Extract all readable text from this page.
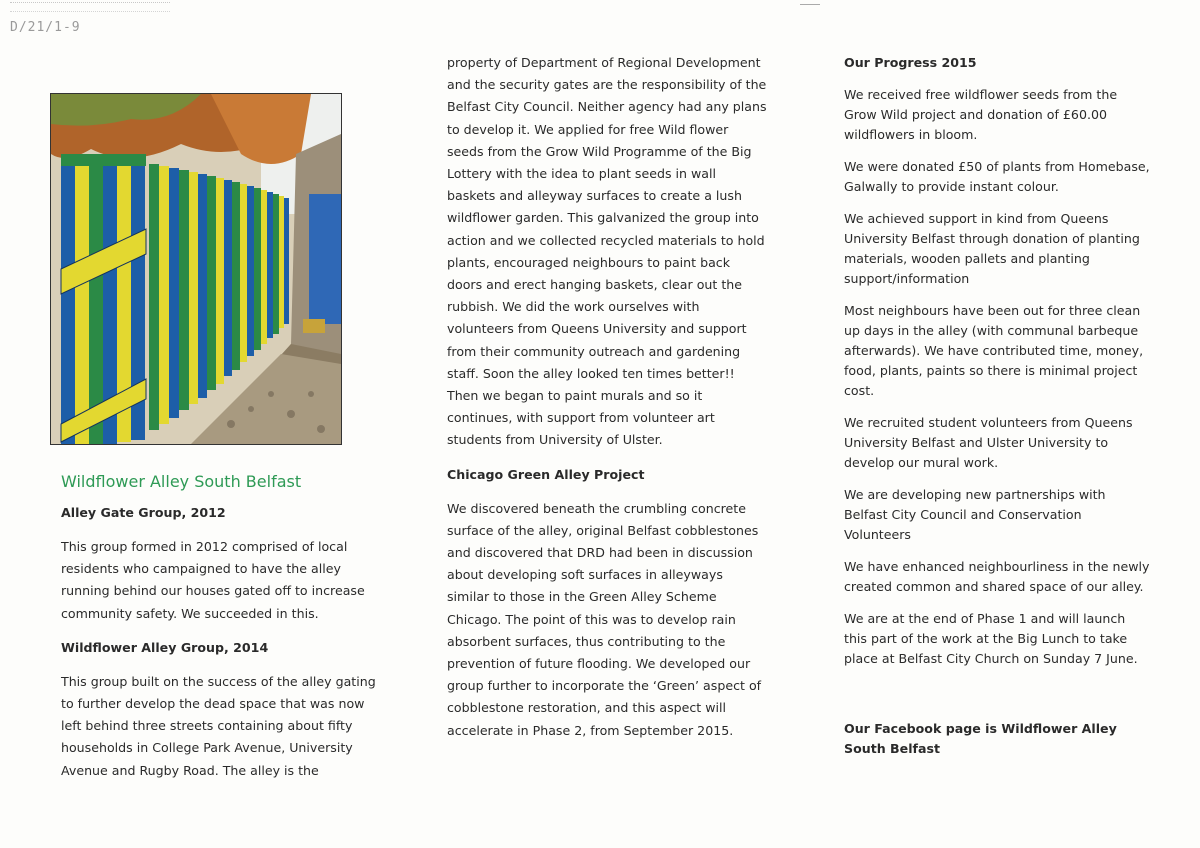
D/21/1-9
Wildflower Alley South Belfast
Alley Gate Group, 2012

This group formed in 2012 comprised of local residents who campaigned to have the alley running behind our houses gated off to increase community safety. We succeeded in this.

Wildflower Alley Group, 2014

This group built on the success of the alley gating to further develop the dead space that was now left behind three streets containing about fifty households in College Park Avenue, University Avenue and Rugby Road. The alley is the

property of Department of Regional Development and the security gates are the responsibility of the Belfast City Council. Neither agency had any plans to develop it. We applied for free Wild flower seeds from the Grow Wild Programme of the Big Lottery with the idea to plant seeds in wall baskets and alleyway surfaces to create a lush wildflower garden. This galvanized the group into action and we collected recycled materials to hold plants, encouraged neighbours to paint back doors and erect hanging baskets, clear out the rubbish. We did the work ourselves with volunteers from Queens University and support from their community outreach and gardening staff. Soon the alley looked ten times better!! Then we began to paint murals and so it continues, with support from volunteer art students from University of Ulster.

Chicago Green Alley Project

We discovered beneath the crumbling concrete surface of the alley, original Belfast cobblestones and discovered that DRD had been in discussion about developing soft surfaces in alleyways similar to those in the Green Alley Scheme Chicago. The point of this was to develop rain absorbent surfaces, thus contributing to the prevention of future flooding. We developed our group further to incorporate the ‘Green’ aspect of cobblestone restoration, and this aspect will accelerate in Phase 2, from September 2015.

Our Progress 2015

We received free wildflower seeds from the Grow Wild project and donation of £60.00 wildflowers in bloom.

We were donated £50 of plants from Homebase, Galwally to provide instant colour.

We achieved support in kind from Queens University Belfast through donation of planting materials, wooden pallets and planting support/information

Most neighbours have been out for three clean up days in the alley (with communal barbeque afterwards). We have contributed time, money, food, plants, paints so there is minimal project cost.

We recruited student volunteers from Queens University Belfast and Ulster University to develop our mural work.

We are developing new partnerships with Belfast City Council and Conservation Volunteers

We have enhanced neighbourliness in the newly created common and shared space of our alley.

We are at the end of Phase 1 and will launch this part of the work at the Big Lunch to take place at Belfast City Church on Sunday 7 June.

Our Facebook page is Wildflower Alley South Belfast
